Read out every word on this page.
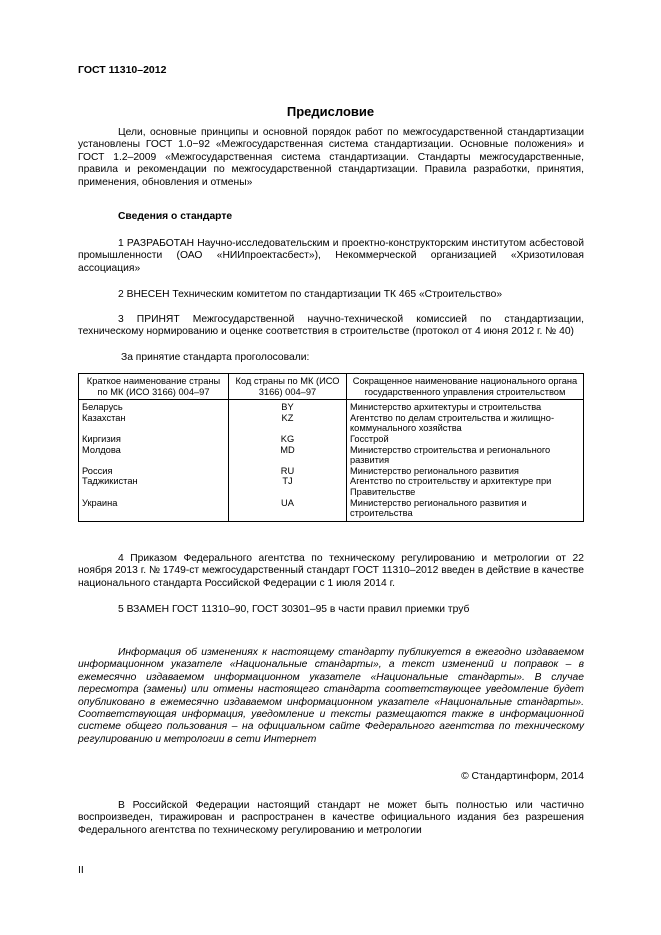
ГОСТ 11310–2012
Предисловие
Цели, основные принципы и основной порядок работ по межгосударственной стандартизации установлены ГОСТ 1.0−92 «Межгосударственная система стандартизации. Основные положения» и ГОСТ 1.2–2009 «Межгосударственная система стандартизации. Стандарты межгосударственные, правила и рекомендации по межгосударственной стандартизации. Правила разработки, принятия, применения, обновления и отмены»
Сведения о стандарте
1 РАЗРАБОТАН Научно-исследовательским и проектно-конструкторским институтом асбестовой промышленности (ОАО «НИИпроектасбест»), Некоммерческой организацией «Хризотиловая ассоциация»
2 ВНЕСЕН Техническим комитетом по стандартизации ТК 465 «Строительство»
3 ПРИНЯТ Межгосударственной научно-технической комиссией по стандартизации, техническому нормированию и оценке соответствия в строительстве (протокол от 4 июня 2012 г. № 40)
За принятие стандарта проголосовали:
Краткое наименование страны по МК (ИСО 3166) 004–97	Код страны по МК (ИСО 3166) 004–97	Сокращенное наименование национального органа государственного управления строительством
Беларусь	BY	Министерство архитектуры и строительства
Казахстан	KZ	Агентство по делам строительства и жилищно-коммунального хозяйства
Киргизия	KG	Госстрой
Молдова	MD	Министерство строительства и регионального развития
Россия	RU	Министерство регионального развития
Таджикистан	TJ	Агентство по строительству и архитектуре при Правительстве
Украина	UA	Министерство регионального развития и строительства
4 Приказом Федерального агентства по техническому регулированию и метрологии от 22 ноября 2013 г. № 1749-ст межгосударственный стандарт ГОСТ 11310–2012 введен в действие в качестве национального стандарта Российской Федерации с 1 июля 2014 г.
5 ВЗАМЕН ГОСТ 11310–90, ГОСТ 30301–95 в части правил приемки труб
Информация об изменениях к настоящему стандарту публикуется в ежегодно издаваемом информационном указателе «Национальные стандарты», а текст изменений и поправок – в ежемесячно издаваемом информационном указателе «Национальные стандарты». В случае пересмотра (замены) или отмены настоящего стандарта соответствующее уведомление будет опубликовано в ежемесячно издаваемом информационном указателе «Национальные стандарты». Соответствующая информация, уведомление и тексты размещаются также в информационной системе общего пользования – на официальном сайте Федерального агентства по техническому регулированию и метрологии в сети Интернет
© Стандартинформ, 2014
В Российской Федерации настоящий стандарт не может быть полностью или частично воспроизведен, тиражирован и распространен в качестве официального издания без разрешения Федерального агентства по техническому регулированию и метрологии
II
